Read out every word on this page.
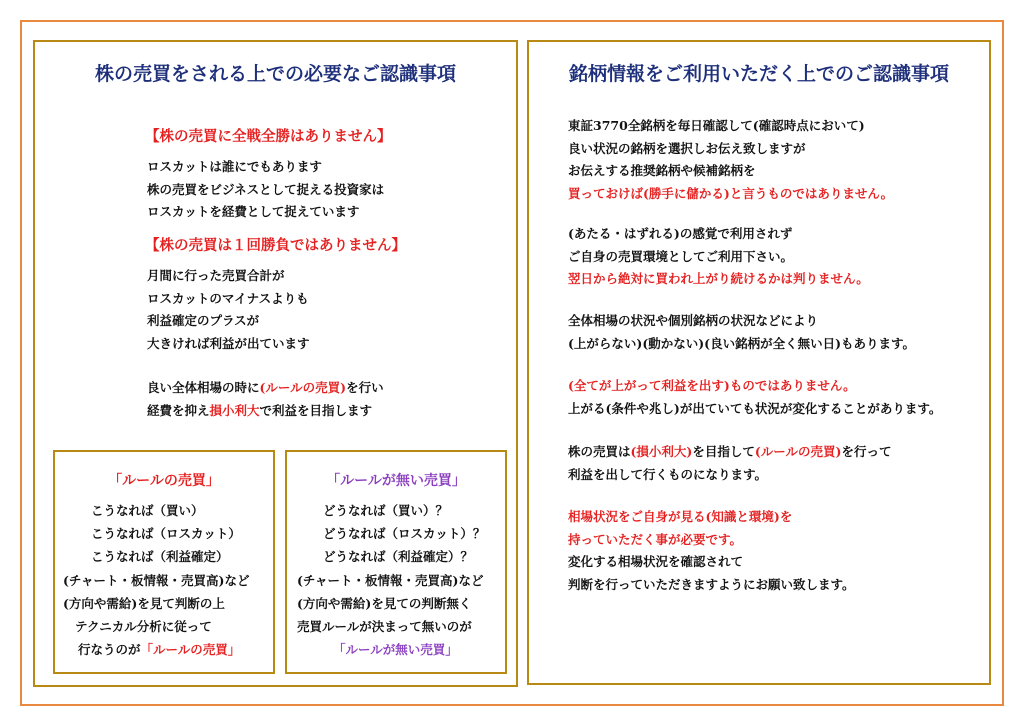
株の売買をされる上での必要なご認識事項
【株の売買に全戦全勝はありません】
ロスカットは誰にでもあります
株の売買をビジネスとして捉える投資家は
ロスカットを経費として捉えています
【株の売買は１回勝負ではありません】
月間に行った売買合計が
ロスカットのマイナスよりも
利益確定のプラスが
大きければ利益が出ています
良い全体相場の時に(ルールの売買)を行い
経費を抑え損小利大で利益を目指します
「ルールの売買」
こうなれば（買い）
こうなれば（ロスカット）
こうなれば（利益確定）
(チャート・板情報・売買高)など
(方向や需給)を見て判断の上
テクニカル分析に従って
行なうのが「ルールの売買」
「ルールが無い売買」
どうなれば（買い）？
どうなれば（ロスカット）？
どうなれば（利益確定）？
(チャート・板情報・売買高)など
(方向や需給)を見ての判断無く
売買ルールが決まって無いのが
「ルールが無い売買」
銘柄情報をご利用いただく上でのご認識事項
東証3770全銘柄を毎日確認して(確認時点において)
良い状況の銘柄を選択しお伝え致しますが
お伝えする推奨銘柄や候補銘柄を
買っておけば(勝手に儲かる)と言うものではありません。
(あたる・はずれる)の感覚で利用されず
ご自身の売買環境としてご利用下さい。
翌日から絶対に買われ上がり続けるかは判りません。
全体相場の状況や個別銘柄の状況などにより
(上がらない)(動かない)(良い銘柄が全く無い日)もあります。
(全てが上がって利益を出す)ものではありません。
上がる(条件や兆し)が出ていても状況が変化することがあります。
株の売買は(損小利大)を目指して(ルールの売買)を行って
利益を出して行くものになります。
相場状況をご自身が見る(知識と環境)を
持っていただく事が必要です。
変化する相場状況を確認されて
判断を行っていただきますようにお願い致します。
